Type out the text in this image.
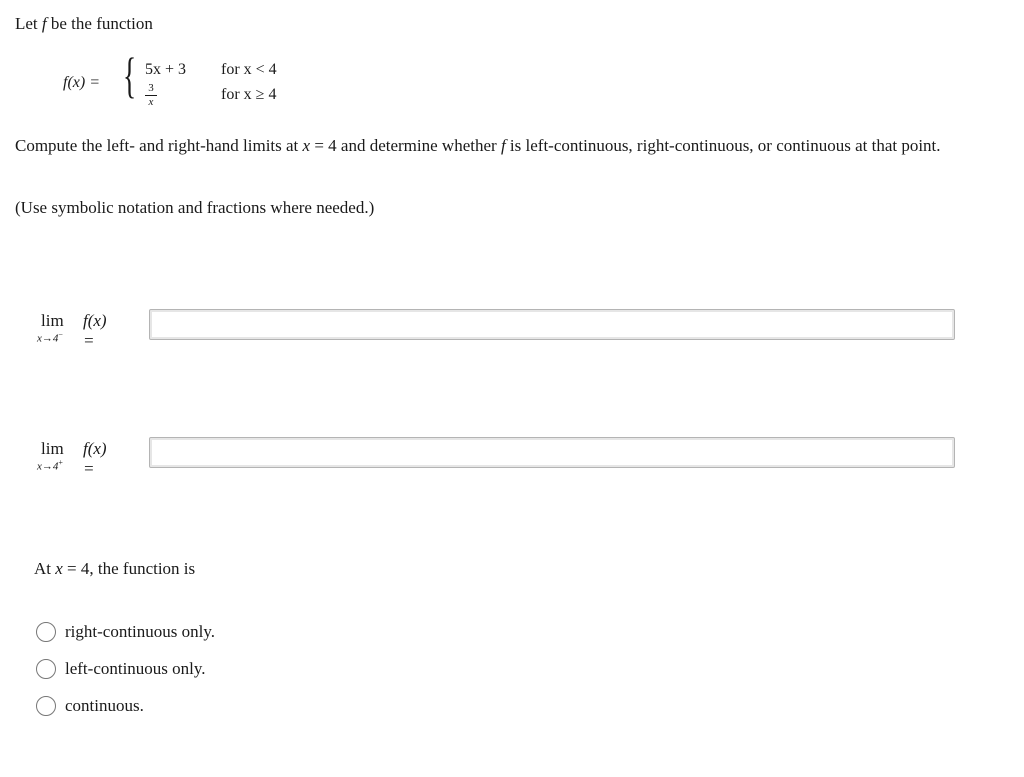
Let f be the function
f(x) = { 5x + 3
$\frac{3}{x}$
for x < 4
for x ≥ 4
Compute the left- and right-hand limits at x = 4 and determine whether f is left-continuous, right-continuous, or continuous at that point.
(Use symbolic notation and fractions where needed.)
lim
x→4−
f(x) =
lim
x→4+
f(x) =
At x = 4, the function is
right-continuous only.
left-continuous only.
continuous.
